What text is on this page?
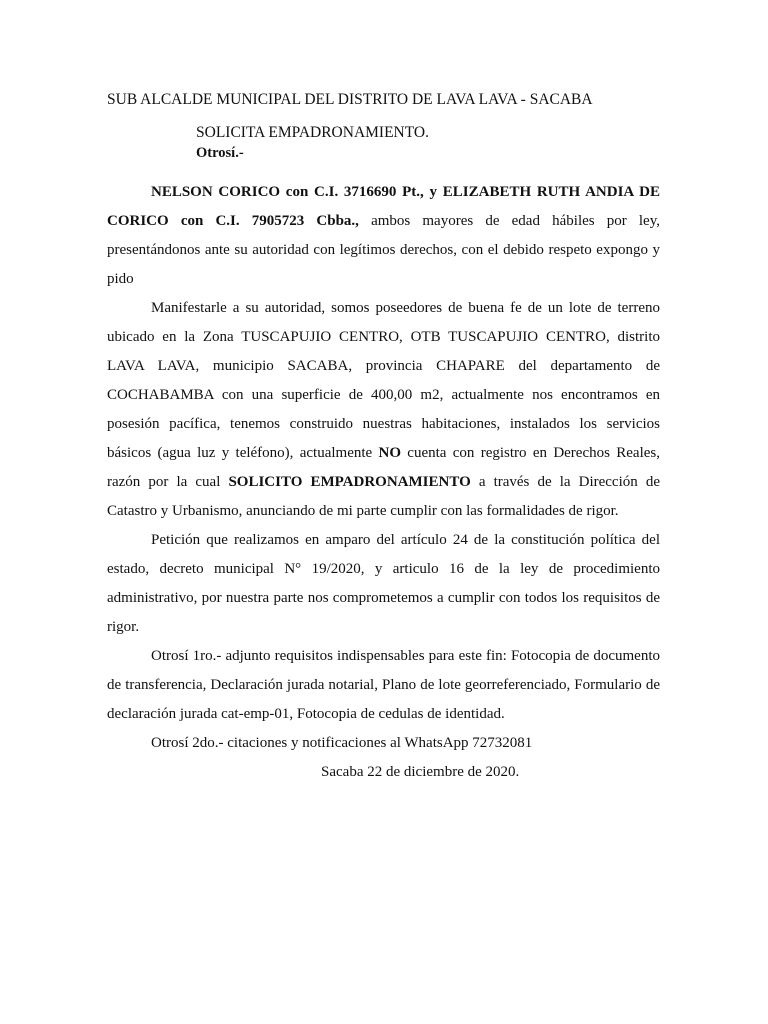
SUB ALCALDE MUNICIPAL DEL DISTRITO DE LAVA LAVA - SACABA
SOLICITA EMPADRONAMIENTO.
Otrosí.-

NELSON CORICO con C.I. 3716690 Pt., y ELIZABETH RUTH ANDIA DE CORICO con C.I. 7905723 Cbba., ambos mayores de edad hábiles por ley, presentándonos ante su autoridad con legítimos derechos, con el debido respeto expongo y pido

Manifestarle a su autoridad, somos poseedores de buena fe de un lote de terreno ubicado en la Zona TUSCAPUJIO CENTRO, OTB TUSCAPUJIO CENTRO, distrito LAVA LAVA, municipio SACABA, provincia CHAPARE del departamento de COCHABAMBA con una superficie de 400,00 m2, actualmente nos encontramos en posesión pacífica, tenemos construido nuestras habitaciones, instalados los servicios básicos (agua luz y teléfono), actualmente NO cuenta con registro en Derechos Reales, razón por la cual SOLICITO EMPADRONAMIENTO a través de la Dirección de Catastro y Urbanismo, anunciando de mi parte cumplir con las formalidades de rigor.

Petición que realizamos en amparo del artículo 24 de la constitución política del estado, decreto municipal N° 19/2020, y articulo 16 de la ley de procedimiento administrativo, por nuestra parte nos comprometemos a cumplir con todos los requisitos de rigor.

Otrosí 1ro.- adjunto requisitos indispensables para este fin: Fotocopia de documento de transferencia, Declaración jurada notarial, Plano de lote georreferenciado, Formulario de declaración jurada cat-emp-01, Fotocopia de cedulas de identidad.

Otrosí 2do.- citaciones y notificaciones al WhatsApp 72732081

Sacaba 22 de diciembre de 2020.
